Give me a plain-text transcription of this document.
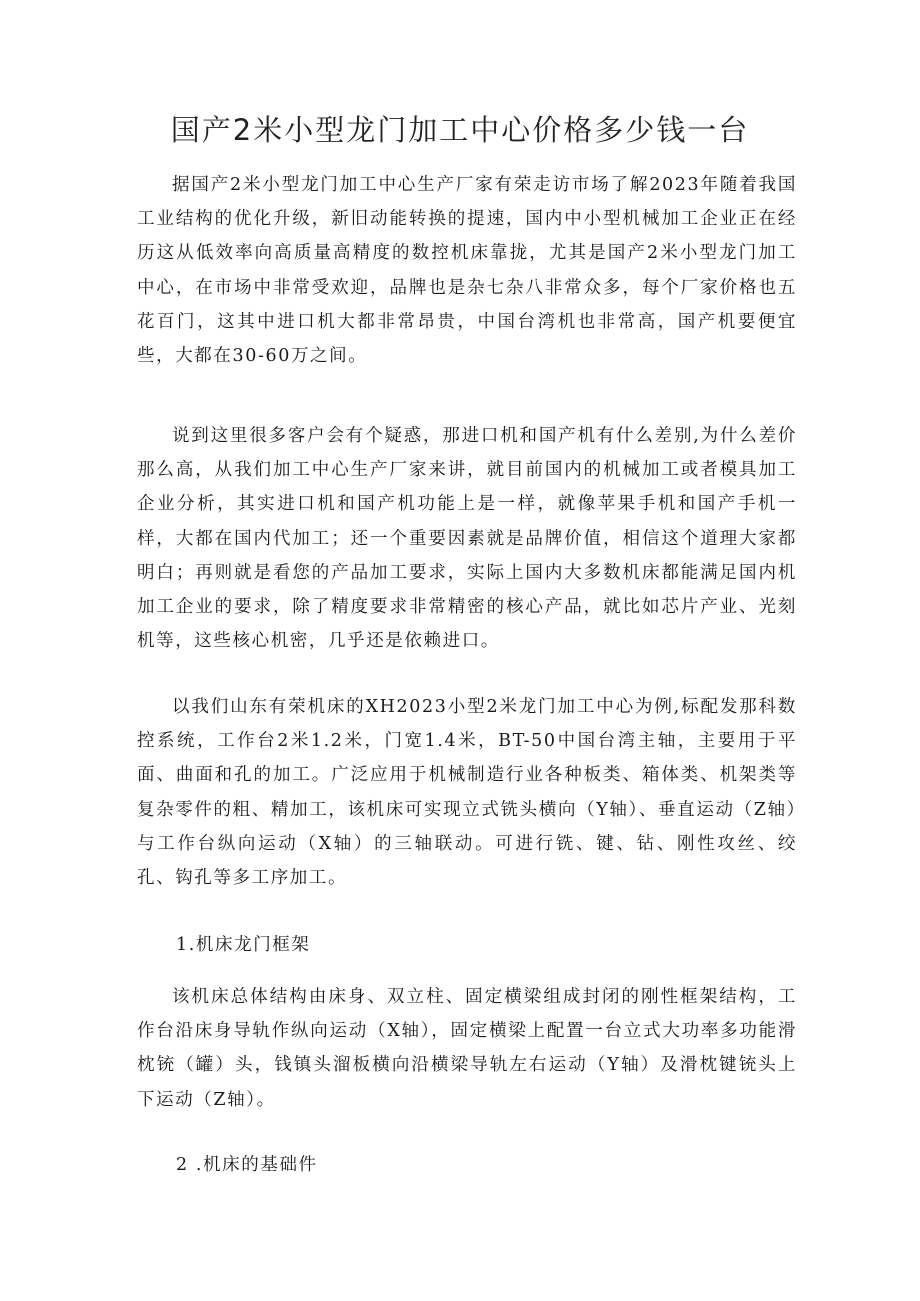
国产2米小型龙门加工中心价格多少钱一台

据国产2米小型龙门加工中心生产厂家有荣走访市场了解2023年随着我国工业结构的优化升级，新旧动能转换的提速，国内中小型机械加工企业正在经历这从低效率向高质量高精度的数控机床靠拢，尤其是国产2米小型龙门加工中心，在市场中非常受欢迎，品牌也是杂七杂八非常众多，每个厂家价格也五花百门，这其中进口机大都非常昂贵，中国台湾机也非常高，国产机要便宜些，大都在30-60万之间。

说到这里很多客户会有个疑惑，那进口机和国产机有什么差别,为什么差价那么高，从我们加工中心生产厂家来讲，就目前国内的机械加工或者模具加工企业分析，其实进口机和国产机功能上是一样，就像苹果手机和国产手机一样，大都在国内代加工；还一个重要因素就是品牌价值，相信这个道理大家都明白；再则就是看您的产品加工要求，实际上国内大多数机床都能满足国内机加工企业的要求，除了精度要求非常精密的核心产品，就比如芯片产业、光刻机等，这些核心机密，几乎还是依赖进口。

以我们山东有荣机床的XH2023小型2米龙门加工中心为例,标配发那科数控系统，工作台2米1.2米，门宽1.4米，BT-50中国台湾主轴，主要用于平面、曲面和孔的加工。广泛应用于机械制造行业各种板类、箱体类、机架类等复杂零件的粗、精加工，该机床可实现立式铣头横向（Y轴）、垂直运动（Z轴）与工作台纵向运动（X轴）的三轴联动。可进行铣、键、钻、刚性攻丝、绞孔、钩孔等多工序加工。

1.机床龙门框架

该机床总体结构由床身、双立柱、固定横梁组成封闭的刚性框架结构，工作台沿床身导轨作纵向运动（X轴），固定横梁上配置一台立式大功率多功能滑枕铳（罐）头，钱镇头溜板横向沿横梁导轨左右运动（Y轴）及滑枕键铳头上下运动（Z轴）。

2 .机床的基础件
